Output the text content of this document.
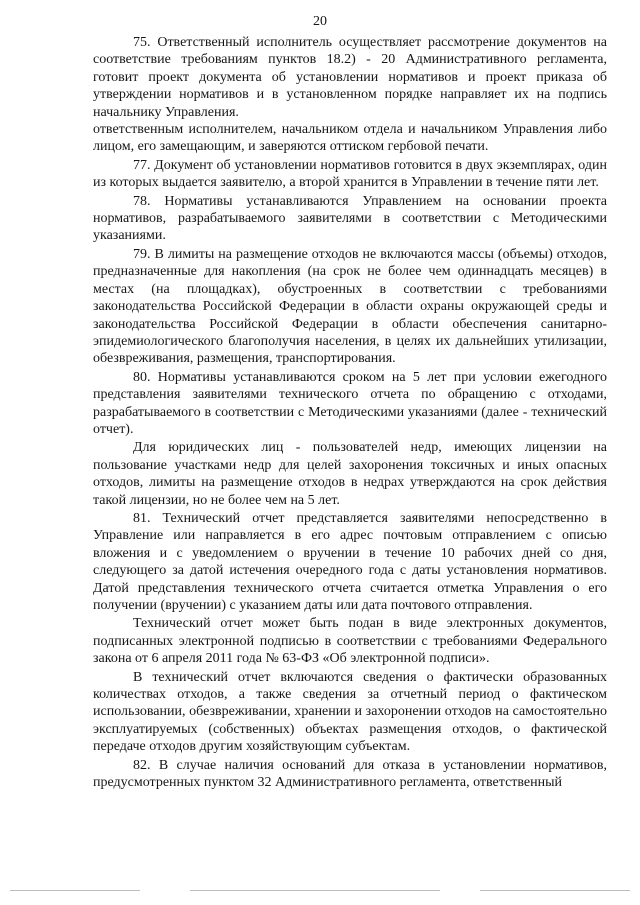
20

75. Ответственный исполнитель осуществляет рассмотрение документов на соответствие требованиям пунктов 18.2) - 20 Административного регламента, готовит проект документа об установлении нормативов и проект приказа об утверждении нормативов и в установленном порядке направляет их на подпись начальнику Управления.

ответственным исполнителем, начальником отдела и начальником Управления либо лицом, его замещающим, и заверяются оттиском гербовой печати.

77. Документ об установлении нормативов готовится в двух экземплярах, один из которых выдается заявителю, а второй хранится в Управлении в течение пяти лет.

78. Нормативы устанавливаются Управлением на основании проекта нормативов, разрабатываемого заявителями в соответствии с Методическими указаниями.

79. В лимиты на размещение отходов не включаются массы (объемы) отходов, предназначенные для накопления (на срок не более чем одиннадцать месяцев) в местах (на площадках), обустроенных в соответствии с требованиями законодательства Российской Федерации в области охраны окружающей среды и законодательства Российской Федерации в области обеспечения санитарно-эпидемиологического благополучия населения, в целях их дальнейших утилизации, обезвреживания, размещения, транспортирования.

80. Нормативы устанавливаются сроком на 5 лет при условии ежегодного представления заявителями технического отчета по обращению с отходами, разрабатываемого в соответствии с Методическими указаниями (далее - технический отчет).

Для юридических лиц - пользователей недр, имеющих лицензии на пользование участками недр для целей захоронения токсичных и иных опасных отходов, лимиты на размещение отходов в недрах утверждаются на срок действия такой лицензии, но не более чем на 5 лет.

81. Технический отчет представляется заявителями непосредственно в Управление или направляется в его адрес почтовым отправлением с описью вложения и с уведомлением о вручении в течение 10 рабочих дней со дня, следующего за датой истечения очередного года с даты установления нормативов. Датой представления технического отчета считается отметка Управления о его получении (вручении) с указанием даты или дата почтового отправления.

Технический отчет может быть подан в виде электронных документов, подписанных электронной подписью в соответствии с требованиями Федерального закона от 6 апреля 2011 года № 63-ФЗ «Об электронной подписи».

В технический отчет включаются сведения о фактически образованных количествах отходов, а также сведения за отчетный период о фактическом использовании, обезвреживании, хранении и захоронении отходов на самостоятельно эксплуатируемых (собственных) объектах размещения отходов, о фактической передаче отходов другим хозяйствующим субъектам.

82. В случае наличия оснований для отказа в установлении нормативов, предусмотренных пунктом 32 Административного регламента, ответственный
